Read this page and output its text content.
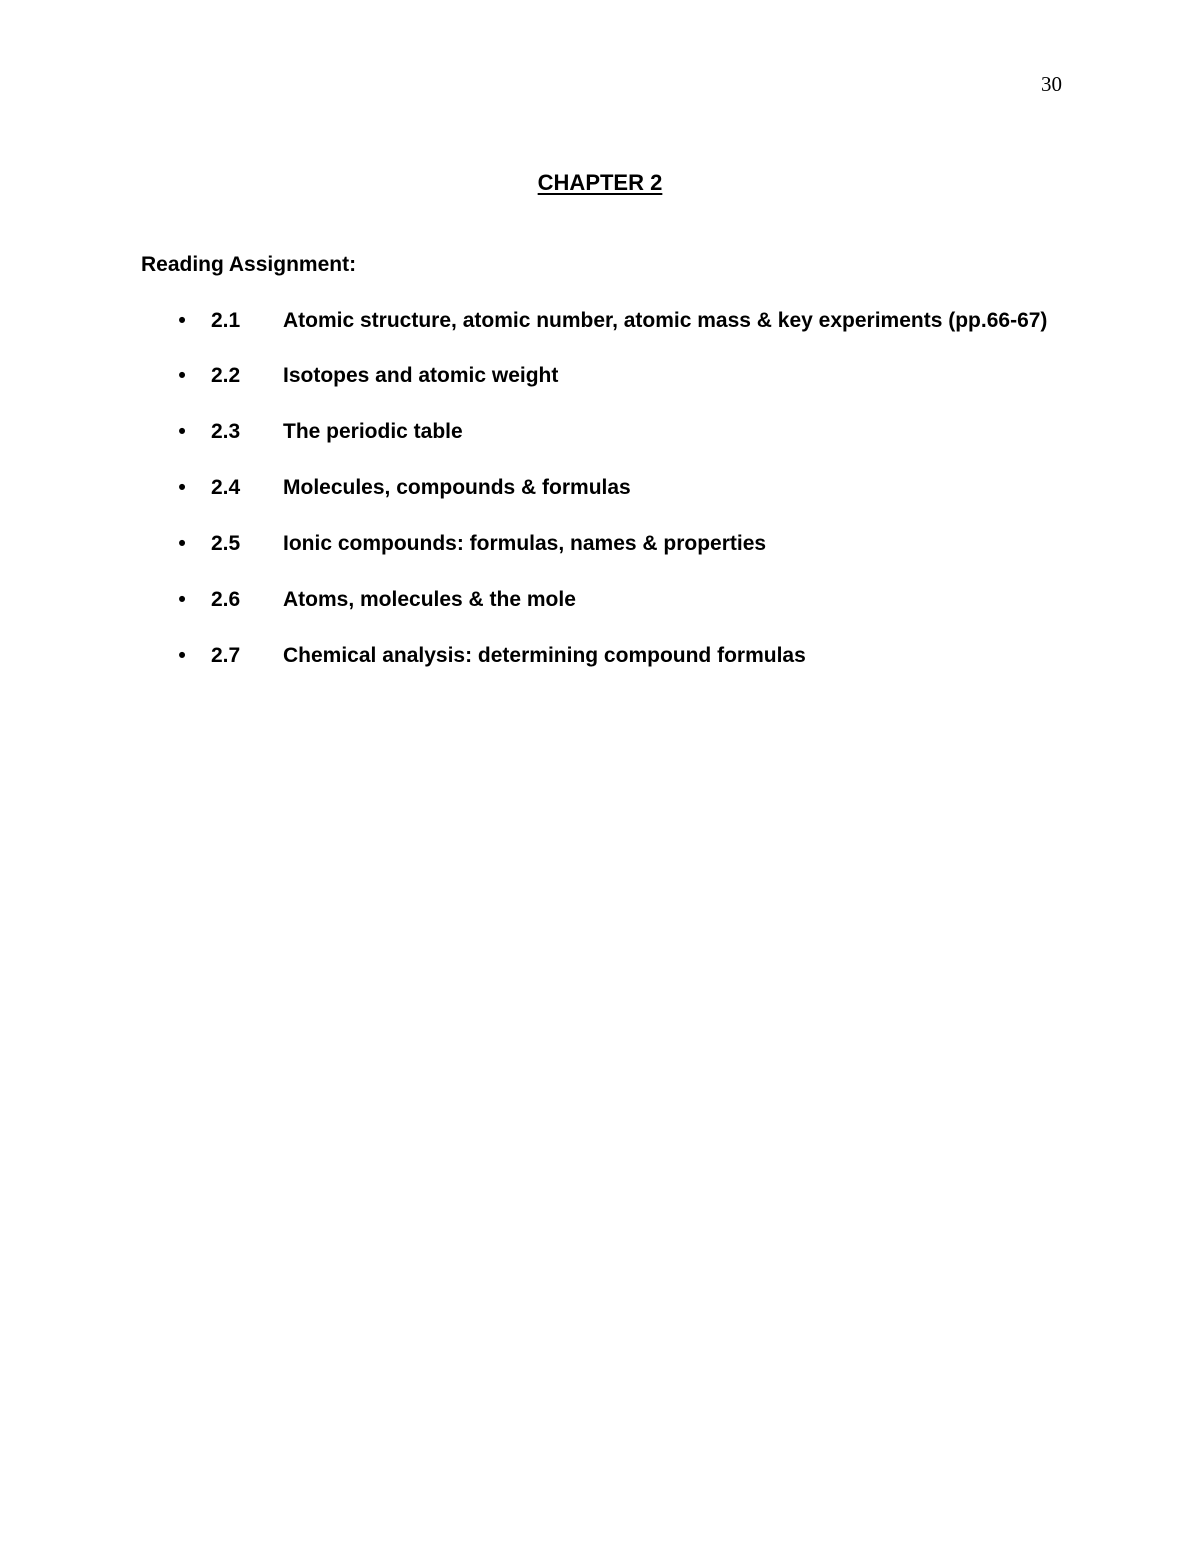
30
CHAPTER 2
Reading Assignment:
• 2.1	Atomic structure, atomic number, atomic mass & key experiments (pp.66-67)
• 2.2	Isotopes and atomic weight
• 2.3	The periodic table
• 2.4	Molecules, compounds & formulas
• 2.5	Ionic compounds: formulas, names & properties
• 2.6	Atoms, molecules & the mole
• 2.7	Chemical analysis: determining compound formulas
